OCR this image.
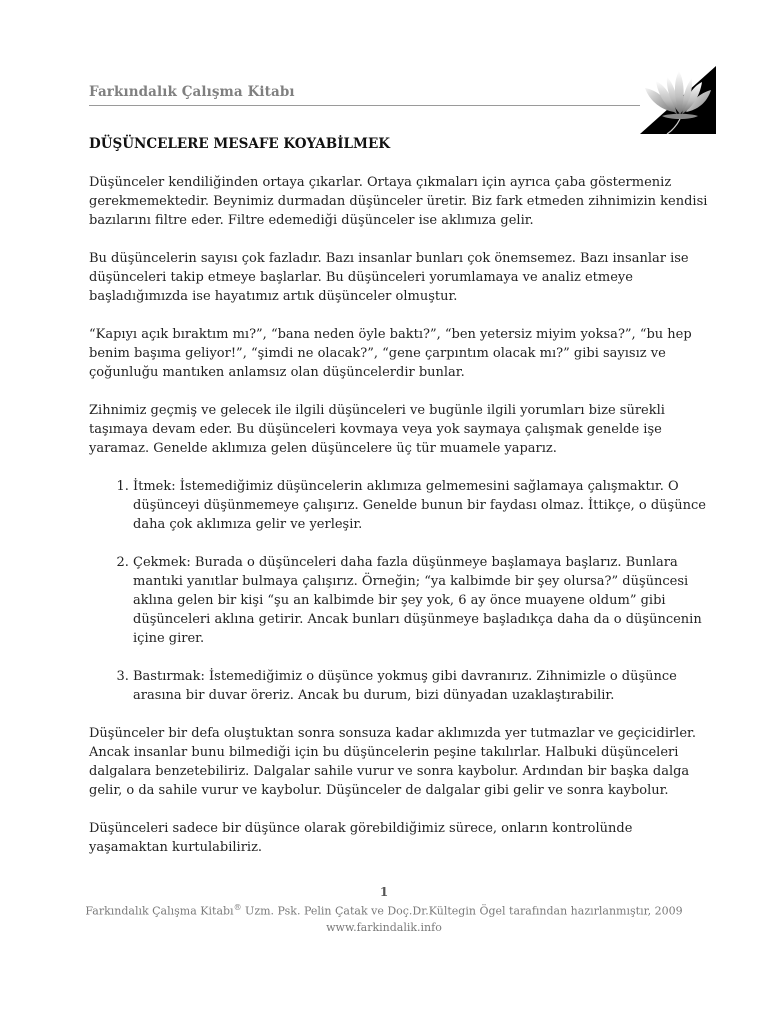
Farkındalık Çalışma Kitabı
DÜŞÜNCELERE MESAFE KOYABİLMEK

Düşünceler kendiliğinden ortaya çıkarlar. Ortaya çıkmaları için ayrıca çaba göstermeniz gerekmemektedir. Beynimiz durmadan düşünceler üretir. Biz fark etmeden zihnimizin kendisi bazılarını filtre eder. Filtre edemediği düşünceler ise aklımıza gelir.

Bu düşüncelerin sayısı çok fazladır. Bazı insanlar bunları çok önemsemez. Bazı insanlar ise düşünceleri takip etmeye başlarlar. Bu düşünceleri yorumlamaya ve analiz etmeye başladığımızda ise hayatımız artık düşünceler olmuştur.

“Kapıyı açık bıraktım mı?”, “bana neden öyle baktı?”, “ben yetersiz miyim yoksa?”, “bu hep benim başıma geliyor!”, “şimdi ne olacak?”, “gene çarpıntım olacak mı?” gibi sayısız ve çoğunluğu mantıken anlamsız olan düşüncelerdir bunlar.

Zihnimiz geçmiş ve gelecek ile ilgili düşünceleri ve bugünle ilgili yorumları bize sürekli taşımaya devam eder. Bu düşünceleri kovmaya veya yok saymaya çalışmak genelde işe yaramaz. Genelde aklımıza gelen düşüncelere üç tür muamele yaparız.

1. İtmek: İstemediğimiz düşüncelerin aklımıza gelmemesini sağlamaya çalışmaktır. O düşünceyi düşünmemeye çalışırız. Genelde bunun bir faydası olmaz. İttikçe, o düşünce daha çok aklımıza gelir ve yerleşir.
2. Çekmek: Burada o düşünceleri daha fazla düşünmeye başlamaya başlarız. Bunlara mantıki yanıtlar bulmaya çalışırız. Örneğin; “ya kalbimde bir şey olursa?” düşüncesi aklına gelen bir kişi “şu an kalbimde bir şey yok, 6 ay önce muayene oldum” gibi düşünceleri aklına getirir. Ancak bunları düşünmeye başladıkça daha da o düşüncenin içine girer.
3. Bastırmak: İstemediğimiz o düşünce yokmuş gibi davranırız. Zihnimizle o düşünce arasına bir duvar öreriz. Ancak bu durum, bizi dünyadan uzaklaştırabilir.

Düşünceler bir defa oluştuktan sonra sonsuza kadar aklımızda yer tutmazlar ve geçicidirler. Ancak insanlar bunu bilmediği için bu düşüncelerin peşine takılırlar. Halbuki düşünceleri dalgalara benzetebiliriz. Dalgalar sahile vurur ve sonra kaybolur. Ardından bir başka dalga gelir, o da sahile vurur ve kaybolur. Düşünceler de dalgalar gibi gelir ve sonra kaybolur.

Düşünceleri sadece bir düşünce olarak görebildiğimiz sürece, onların kontrolünde yaşamaktan kurtulabiliriz.

1
Farkındalık Çalışma Kitabı® Uzm. Psk. Pelin Çatak ve Doç.Dr.Kültegin Ögel tarafından hazırlanmıştır, 2009
www.farkindalik.info
